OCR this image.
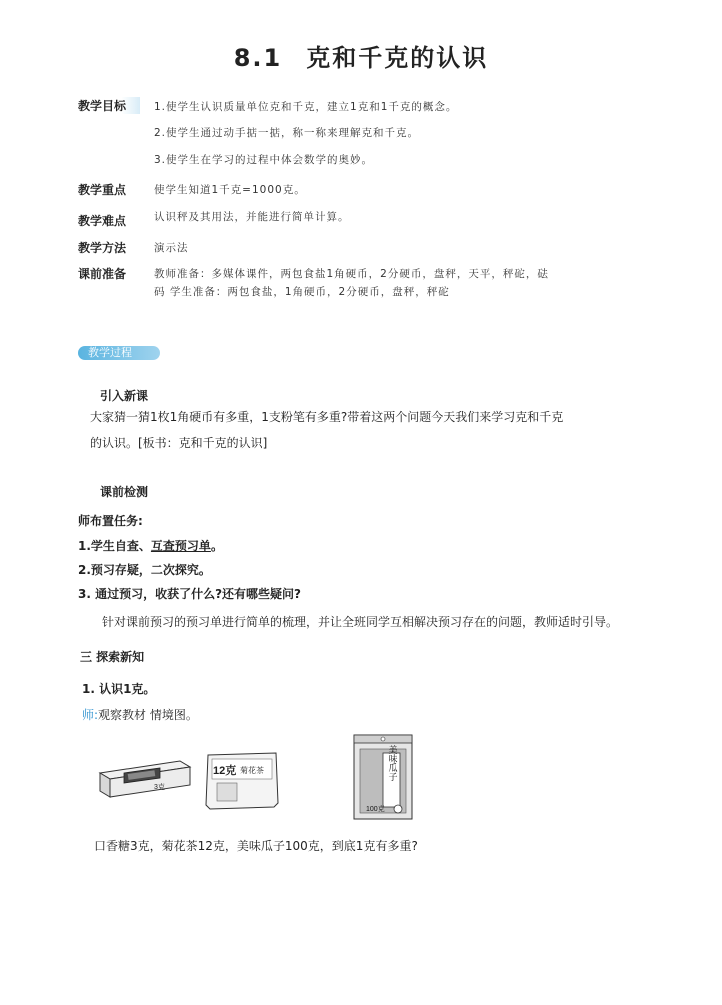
8.1 克和千克的认识
教学目标	1.使学生认识质量单位克和千克，建立1克和1千克的概念。
2.使学生通过动手掂一掂，称一称来理解克和千克。
3.使学生在学习的过程中体会数学的奥妙。
教学重点	使学生知道1千克=1000克。
教学难点	认识秤及其用法，并能进行简单计算。
教学方法	演示法
课前准备	教师准备：多媒体课件，两包食盐1角硬币，2分硬币，盘秤，天平，秤砣，砝
码 学生准备：两包食盐，1角硬币，2分硬币，盘秤，秤砣
教学过程
引入新课
大家猜一猜1枚1角硬币有多重，1支粉笔有多重?带着这两个问题今天我们来学习克和千克
的认识。[板书：克和千克的认识]
课前检测
师布置任务:
1.学生自查、互查预习单。
2.预习存疑，二次探究。
3. 通过预习，收获了什么?还有哪些疑问?
针对课前预习的预习单进行简单的梳理，并让全班同学互相解决预习存在的问题，教师适时引导。
三 探索新知
1. 认识1克。
师:观察教材 情境图。
3克
12克 菊花茶	美味瓜子
100克
口香糖3克，菊花茶12克，美味瓜子100克，到底1克有多重?
